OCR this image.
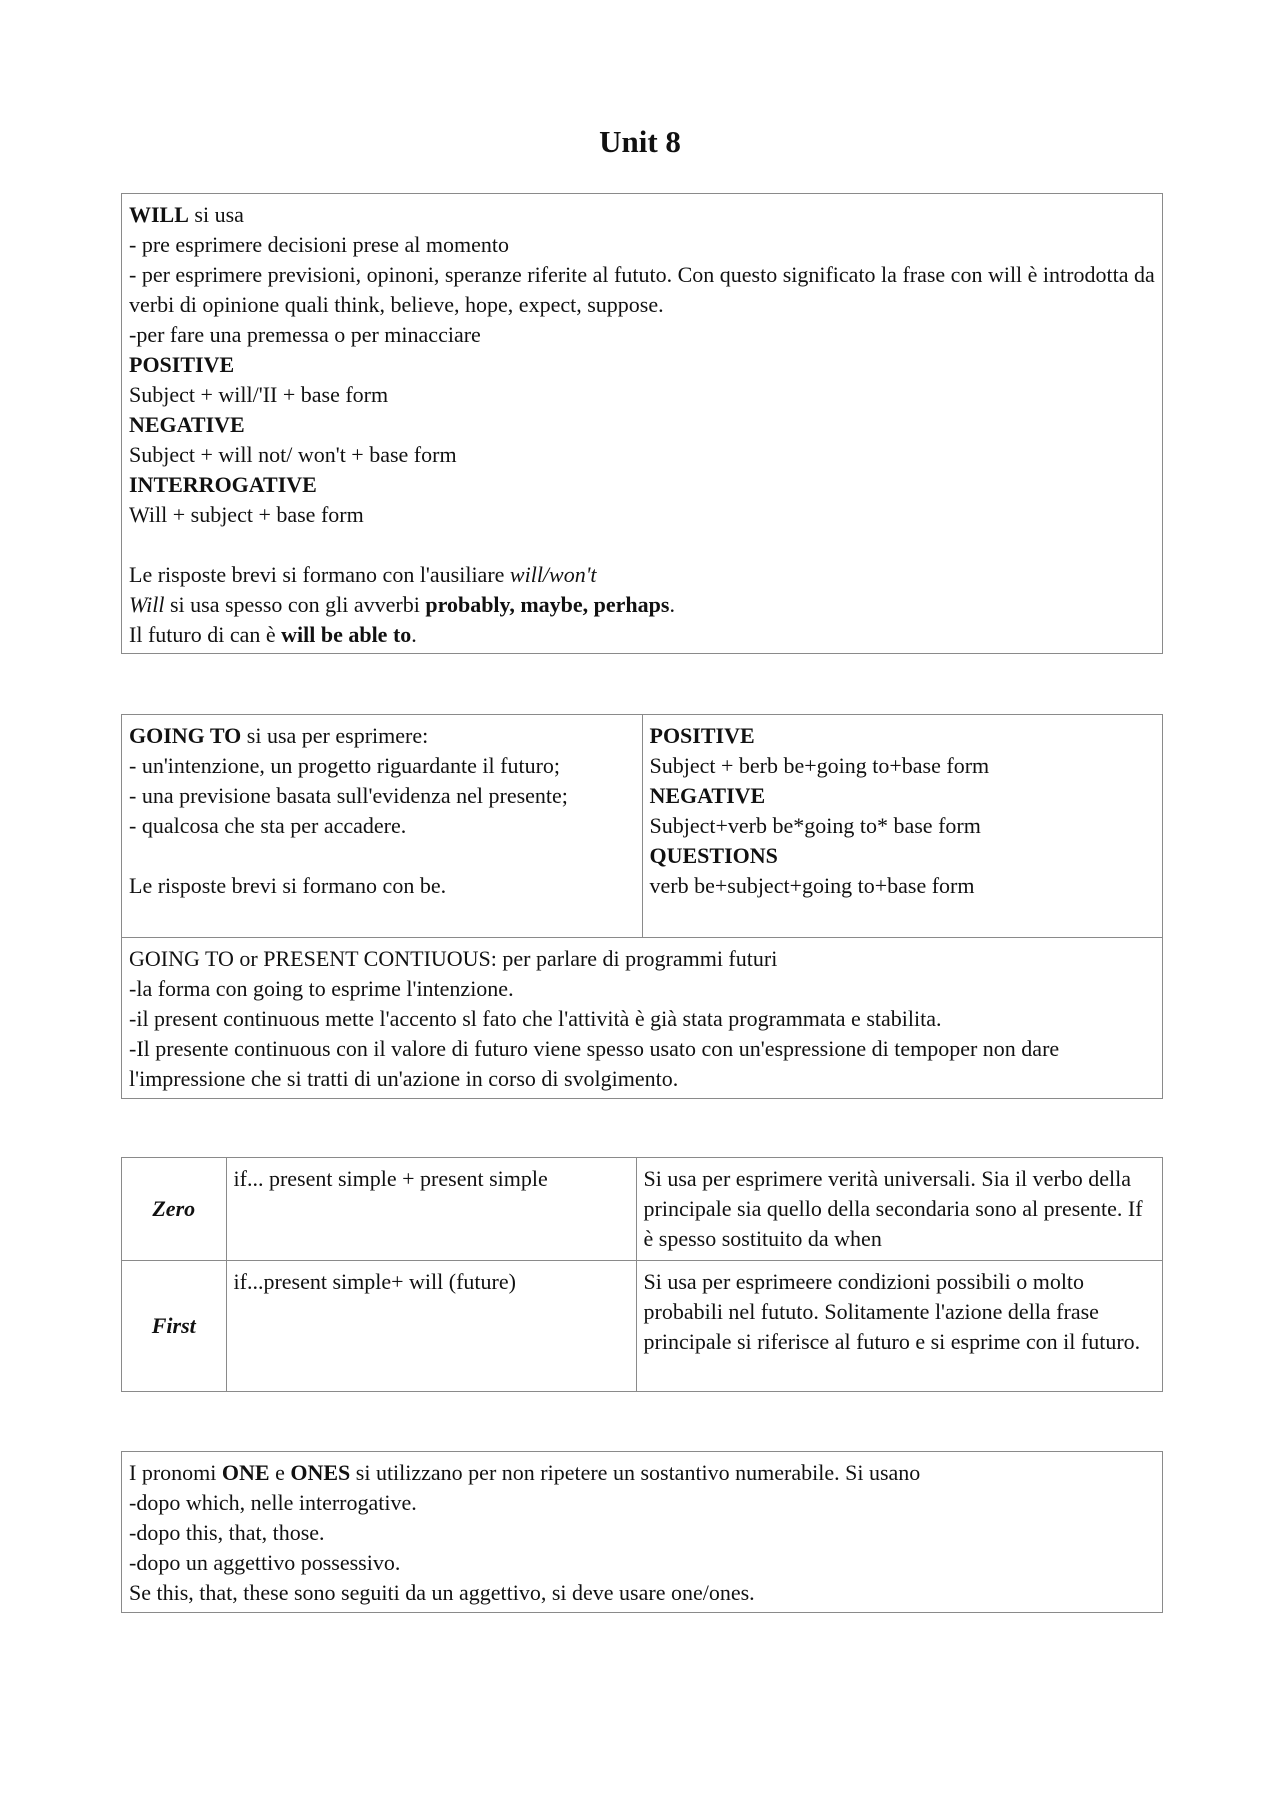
Unit 8

WILL si usa

- pre esprimere decisioni prese al momento

- per esprimere previsioni, opinoni, speranze riferite al fututo. Con questo significato la frase con will è introdotta da verbi di opinione quali think, believe, hope, expect, suppose.

-per fare una premessa o per minacciare

POSITIVE

Subject + will/'II + base form

NEGATIVE

Subject + will not/ won't + base form

INTERROGATIVE

Will + subject + base form

Le risposte brevi si formano con l'ausiliare will/won't

Will si usa spesso con gli avverbi probably, maybe, perhaps.

Il futuro di can è will be able to.

GOING TO si usa per esprimere:

- un'intenzione, un progetto riguardante il futuro;

- una previsione basata sull'evidenza nel presente;

- qualcosa che sta per accadere.

Le risposte brevi si formano con be.

POSITIVE

Subject + berb be+going to+base form

NEGATIVE

Subject+verb be*going to* base form

QUESTIONS

verb be+subject+going to+base form

GOING TO or PRESENT CONTIUOUS: per parlare di programmi futuri

-la forma con going to esprime l'intenzione.

-il present continuous mette l'accento sl fato che l'attività è già stata programmata e stabilita.

-Il presente continuous con il valore di futuro viene spesso usato con un'espressione di tempoper non dare l'impressione che si tratti di un'azione in corso di svolgimento.

Zero	if... present simple + present simple	Si usa per esprimere verità universali. Sia il verbo della principale sia quello della secondaria sono al presente. If è spesso sostituito da when
First	if...present simple+ will (future)	Si usa per esprimeere condizioni possibili o molto probabili nel fututo. Solitamente l'azione della frase principale si riferisce al futuro e si esprime con il futuro.

I pronomi ONE e ONES si utilizzano per non ripetere un sostantivo numerabile. Si usano

-dopo which, nelle interrogative.

-dopo this, that, those.

-dopo un aggettivo possessivo.

Se this, that, these sono seguiti da un aggettivo, si deve usare one/ones.
